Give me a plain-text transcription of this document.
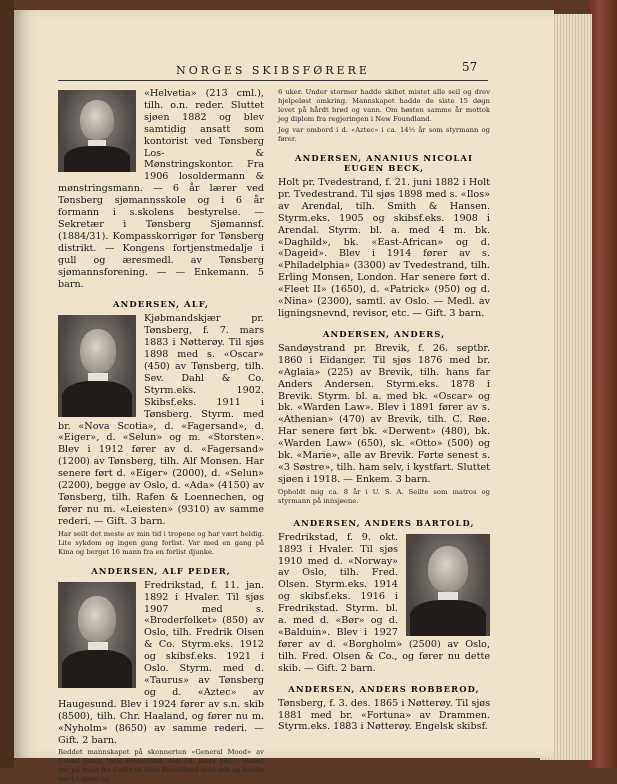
NORGES SKIBSFØRERE	57

«Helvetia» (213 cml.), tilh. o.n. reder. Sluttet sjøen 1882 og blev samtidig ansatt som kontorist ved Tønsberg Los- & Mønstringskontor. Fra 1906 losoldermann & mønstringsmann. — 6 år lærer ved Tønsberg sjømannsskole og i 6 år formann i s.skolens bestyrelse. — Sekretær i Tønsberg Sjømannsf. (1884/31). Kompasskorrigør for Tønsberg distrikt. — Kongens fortjenstmedalje i gull og æresmedl. av Tønsberg sjømannsforening. — — Enkemann. 5 barn.

ANDERSEN, ALF,

Kjøbmandskjær pr. Tønsberg, f. 7. mars 1883 i Nøtterøy. Til sjøs 1898 med s. «Oscar» (450) av Tønsberg, tilh. Sev. Dahl & Co. Styrm.eks. 1902. Skibsf.eks. 1911 i Tønsberg. Styrm. med br. «Nova Scotia», d. «Fagersand», d. «Eiger», d. «Selun» og m. «Storsten». Blev i 1912 fører av d. «Fagersand» (1200) av Tønsberg, tilh. Alf Monsen. Har senere ført d. «Eiger» (2000), d. «Selun» (2200), begge av Oslo, d. «Ada» (4150) av Tønsberg, tilh. Rafen & Loennechen, og fører nu m. «Leiesten» (9310) av samme rederi. — Gift. 3 barn.

Har seilt det meste av min tid i tropene og har vært heldig. Lite sykdom og ingen gang forlist. Var med en gang på Kina og berget 16 mann fra en forlist djunke.
ANDERSEN, ALF PEDER,

Fredrikstad, f. 11. jan. 1892 i Hvaler. Til sjøs 1907 med s. «Broderfolket» (850) av Oslo, tilh. Fredrik Olsen & Co. Styrm.eks. 1912 og skibsf.eks. 1921 i Oslo. Styrm. med d. «Taurus» av Tønsberg og d. «Aztec» av Haugesund. Blev i 1924 fører av s.n. skib (8500), tilh. Chr. Haaland, og fører nu m. «Nyholm» (8650) av samme rederi. — Gift. 2 barn.

Reddet mannskapet på skonnerten «General Mood» av Grand Bank, New Foundland, den 28. mars 1927. Skibet var på reise fra Cadix til New Foundland med salt og hadde vært i sjøen ca.
6 uker. Under stormer hadde skibet mistet alle seil og drev hjelpeløst omkring. Mannskapet hadde de siste 15 døgn levet på hårdt brød og vann. Om høsten samme år mottok jeg diplom fra regjeringen i New Foundland.
Jeg var ombord i d. «Aztec» i ca. 14½ år som styrmann og fører.
ANDERSEN, ANANIUS NICOLAI
EUGEN BECK,

Holt pr. Tvedestrand, f. 21. juni 1882 i Holt pr. Tvedestrand. Til sjøs 1898 med s. «Ilos» av Arendal, tilh. Smith & Hansen. Styrm.eks. 1905 og skibsf.eks. 1908 i Arendal. Styrm. bl. a. med 4 m. bk. «Daghild», bk. «East-African» og d. «Dageid». Blev i 1914 fører av s. «Philadelphia» (3300) av Tvedestrand, tilh. Erling Monsen, London. Har senere ført d. «Fleet II» (1650), d. «Patrick» (950) og d. «Nina» (2300), samtl. av Oslo. — Medl. av ligningsnevnd, revisor, etc. — Gift. 3 barn.

ANDERSEN, ANDERS,

Sandøystrand pr. Brevik, f. 26. septbr. 1860 i Eidanger. Til sjøs 1876 med br. «Aglaia» (225) av Brevik, tilh. hans far Anders Andersen. Styrm.eks. 1878 i Brevik. Styrm. bl. a. med bk. «Oscar» og bk. «Warden Law». Blev i 1891 fører av s. «Athenian» (470) av Brevik, tilh. C. Røe. Har senere ført bk. «Derwent» (480), bk. «Warden Law» (650), sk. «Otto» (500) og bk. «Marie», alle av Brevik. Førte senest s. «3 Søstre», tilh. ham selv, i kystfart. Sluttet sjøen i 1918. — Enkem. 3 barn.

Opholdt mig ca. 8 år i U. S. A. Seilte som matros og styrmann på innsjøene.
ANDERSEN, ANDERS BARTOLD,

Fredrikstad, f. 9. okt. 1893 i Hvaler. Til sjøs 1910 med d. «Norway» av Oslo, tilh. Fred. Olsen. Styrm.eks. 1914 og skibsf.eks. 1916 i Fredrikstad. Styrm. bl. a. med d. «Bør» og d. «Balduin». Blev i 1927 fører av d. «Borgholm» (2500) av Oslo, tilh. Fred. Olsen & Co., og fører nu dette skib. — Gift. 2 barn.

ANDERSEN, ANDERS ROBBEROD,

Tønsberg, f. 3. des. 1865 i Nøtterøy. Til sjøs 1881 med br. «Fortuna» av Drammen. Styrm.eks. 1883 i Nøtterøy. Engelsk skibsf.
